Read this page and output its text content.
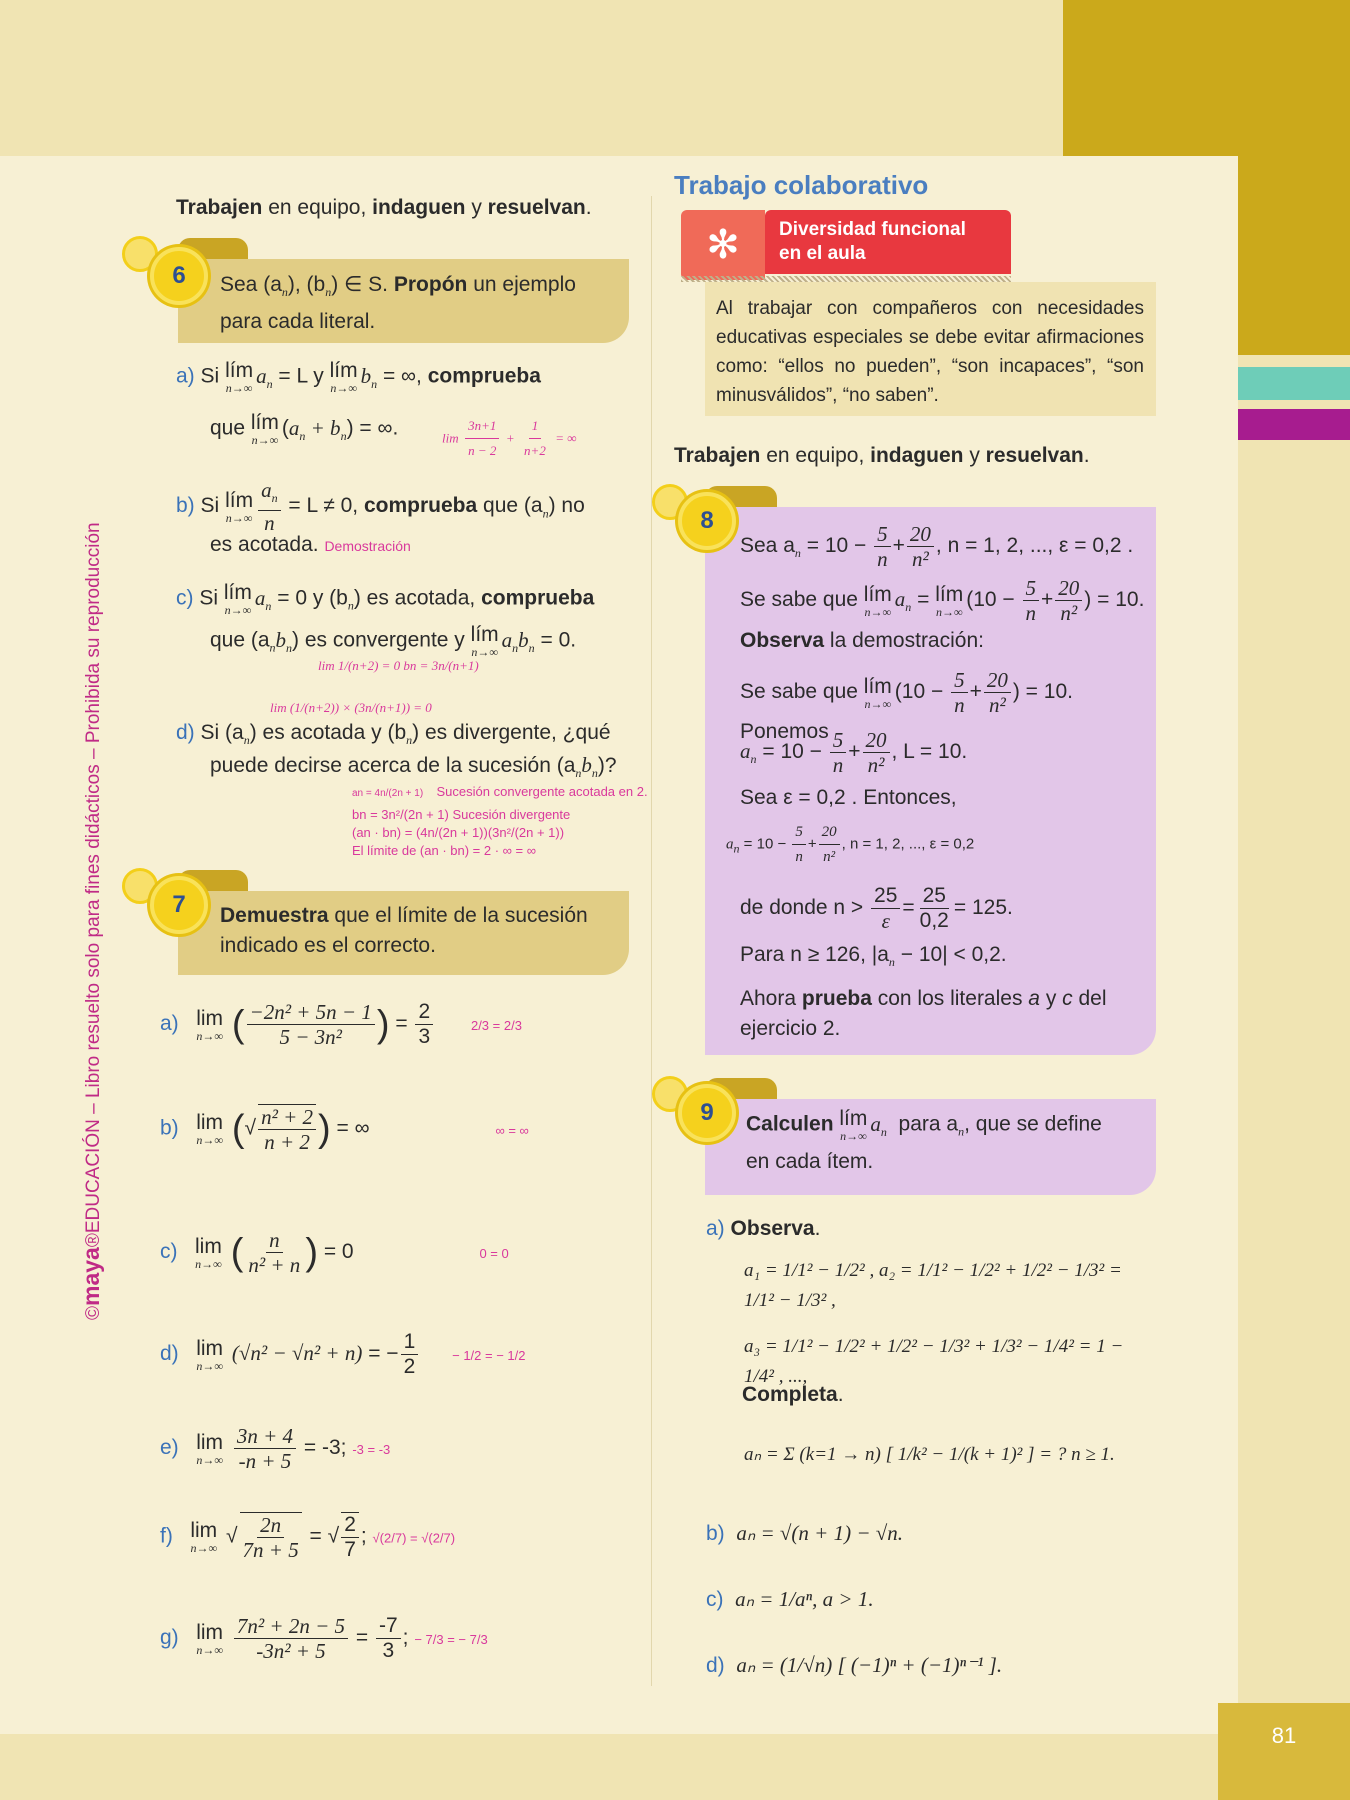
81
©maya®EDUCACIÓN – Libro resuelto solo para fines didácticos – Prohibida su reproducción
Trabajen en equipo, indaguen y resuelvan.
6	Sea $(a_n)$, $(b_n)$ ∈ S. Propón un ejemplo
para cada literal.
a) Si lím
n→∞
$a_n = L$ y lím
n→∞
$b_n$ = ∞, comprueba
que lím
n→∞
$(a_n + b_n)$ = ∞.	$\lim \frac{3n+1}{n - 2} + \frac{1}{n+2}$ = ∞
b) Si lím
$n\to\infty \frac{a_n}{n} = L \ne 0$, comprueba que $(a_n)$ no
es acotada. Demostración
c) Si lím
n→∞
$a_n = 0$ y $(b_n)$ es acotada, comprueba
que $(a_nb_n)$ es convergente y lím
n→∞
$a_nb_n = 0$.
lim 1/(n+2) = 0 bn = 3n/(n+1)
lim (1/(n+2)) × (3n/(n+1)) = 0
d) Si $(a_n)$ es acotada y $(b_n)$ es divergente, ¿qué
puede decirse acerca de la sucesión $(a_nb_n)$?
an = 4n/(2n + 1) Sucesión convergente acotada en 2.
bn = 3n²/(2n + 1) Sucesión divergente
(an · bn) = (4n/(2n + 1))(3n²/(2n + 1))
El límite de (an · bn) = 2 · ∞ = ∞
7	Demuestra que el límite de la sucesión
indicado es el correcto.
a) lim
n→∞ ( $\frac{\text{−2n² + 5n − 1}}{\text{5 − 3n²}}$ ) = $\frac{2}{3}$	2/3 = 2/3
b) lim
n→∞ (√ $\frac{\text{n² + 2}}{n + 2}$ ) = ∞	∞ = ∞
c) lim
n→∞ ( $\frac{n}{\text{n² + n}}$ ) = 0	0 = 0
d) lim
n→∞
(√n² − √n² + n) = − $\frac{1}{2}$	− 1/2 = − 1/2
e) lim
n→∞
$\frac{3n + 4}{-n + 5} = -3$; -3 = -3
f) lim
n→∞
√ $\frac{2n}{7n + 5}$ = √ $\frac{2}{7}$ ; √(2/7) = √(2/7)
g) lim
n→∞
$\frac{\text{7n² + 2n − 5}}{\text{-3n² + 5}} = \frac{-7}{3}$ ; − 7/3 = − 7/3
Trabajo colaborativo
✻	Diversidad funcional
en el aula
Al trabajar con compañeros con necesidades educativas especiales se debe evitar afirmaciones como: “ellos no pueden”, “son incapaces”, “son minusválidos”, “no saben”.
Trabajen en equipo, indaguen y resuelvan.
8
Sea $a_n = 10 - \frac{5}{n} + \frac{20}{\text{n²}}$ , n = 1, 2, ..., ε = 0,2 .
Se sabe que lím
n→∞
$a_n$ = lím
n→∞
($10 - \frac{5}{n} + \frac{20}{\text{n²}}$ ) = 10.
Observa la demostración:
Se sabe que lím
n→∞
($10 - \frac{5}{n} + \frac{20}{\text{n²}}$ ) = 10. Ponemos
$a_n = 10 - \frac{5}{n} + \frac{20}{\text{n²}}$ , L = 10.
Sea ε = 0,2 . Entonces,
$a_n = 10 - \frac{5}{n} + \frac{20}{\text{n²}}$ , n = 1, 2, ..., ε = 0,2
de donde $n > \frac{25}{\varepsilon} = \frac{25}{0,2} = 125$.
Para n ≥ 126, $|a_n - 10| < 0,2$.
Ahora prueba con los literales a y c del
ejercicio 2.
9	Calculen lím
n→∞
$a_n$ para $a_n$, que se define
en cada ítem.
a) Observa.
a₁ = 1/1² − 1/2² , a₂ = 1/1² − 1/2² + 1/2² − 1/3² = 1/1² − 1/3² ,
a₃ = 1/1² − 1/2² + 1/2² − 1/3² + 1/3² − 1/4² = 1 − 1/4² , ...,
Completa.
aₙ = Σ (k=1 → n) [ 1/k² − 1/(k + 1)² ] = ? n ≥ 1.
b) aₙ = √(n + 1) − √n.
c) aₙ = 1/aⁿ, a > 1.
d) aₙ = (1/√n) [ (−1)ⁿ + (−1)ⁿ⁻¹ ].
